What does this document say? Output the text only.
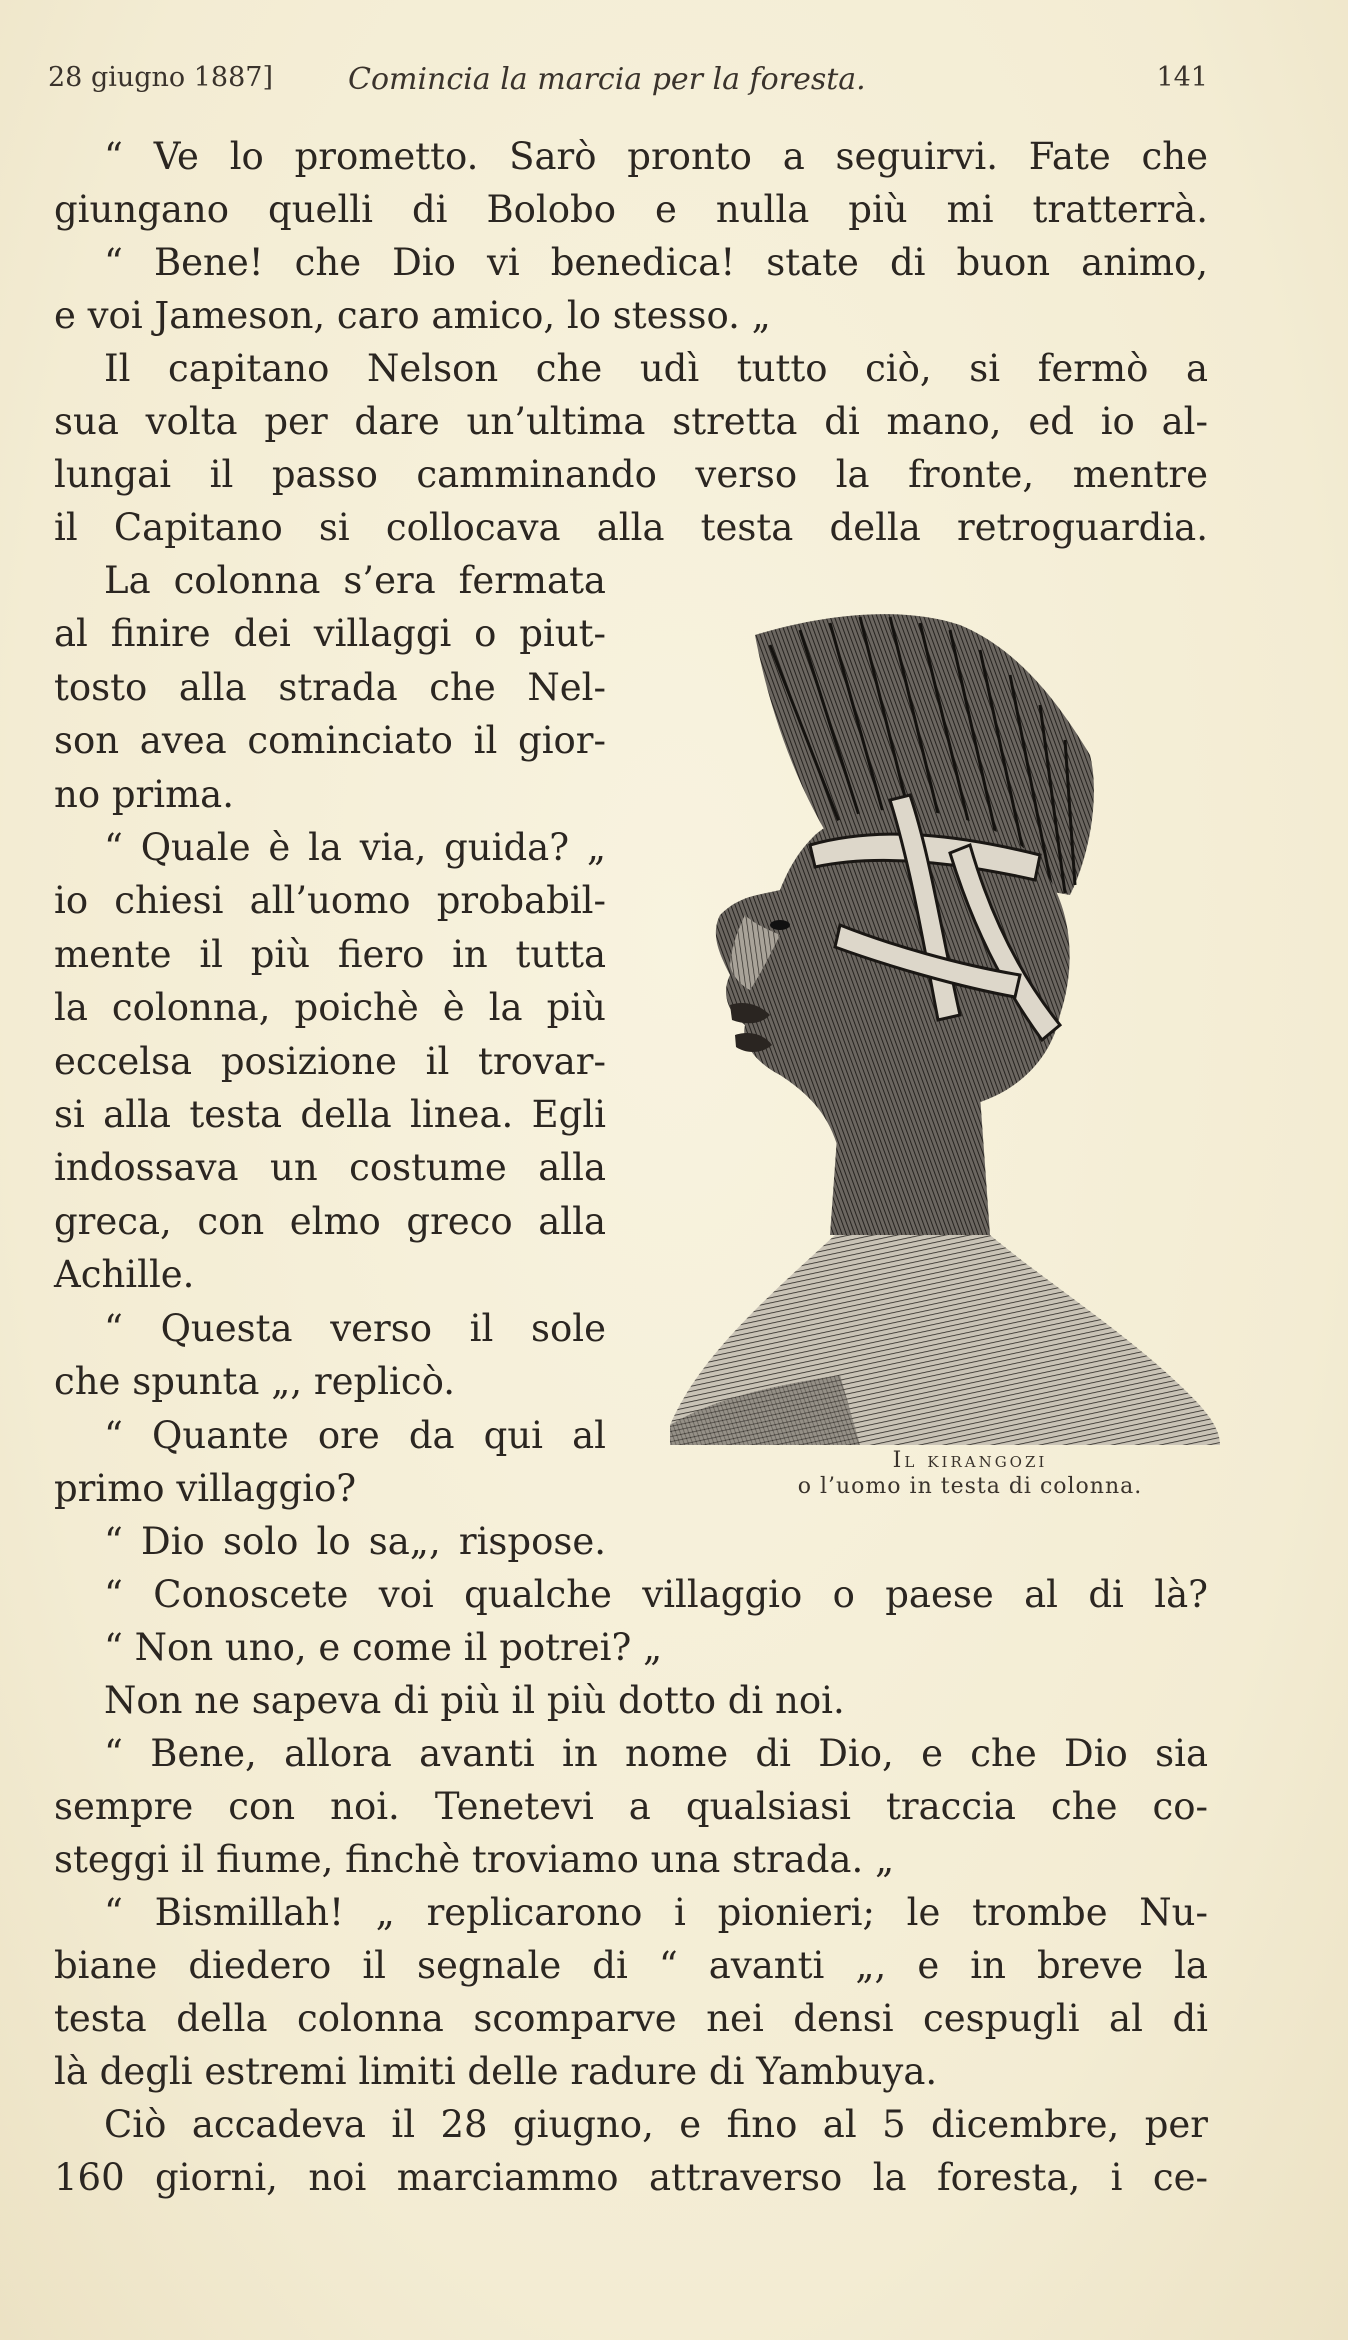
28 giugno 1887] Comincia la marcia per la foresta.	141
“ Ve lo prometto. Sarò pronto a seguirvi. Fate che
giungano quelli di Bolobo e nulla più mi tratterrà.
“ Bene! che Dio vi benedica! state di buon animo,
e voi Jameson, caro amico, lo stesso. „
Il capitano Nelson che udì tutto ciò, si fermò a
sua volta per dare un’ultima stretta di mano, ed io al-
lungai il passo camminando verso la fronte, mentre
il Capitano si collocava alla testa della retroguardia.
La colonna s’era fermata
al finire dei villaggi o piut-
tosto alla strada che Nel-
son avea cominciato il gior-
no prima.
“ Quale è la via, guida? „
io chiesi all’uomo probabil-
mente il più fiero in tutta
la colonna, poichè è la più
eccelsa posizione il trovar-
si alla testa della linea. Egli
indossava un costume alla
greca, con elmo greco alla
Achille.
“ Questa verso il sole
che spunta „, replicò.
“ Quante ore da qui al
primo villaggio?
“ Dio solo lo sa„, rispose.
Il kirangozi
o l’uomo in testa di colonna.
“ Conoscete voi qualche villaggio o paese al di là?
“ Non uno, e come il potrei? „
Non ne sapeva di più il più dotto di noi.
“ Bene, allora avanti in nome di Dio, e che Dio sia
sempre con noi. Tenetevi a qualsiasi traccia che co-
steggi il fiume, finchè troviamo una strada. „
“ Bismillah! „ replicarono i pionieri; le trombe Nu-
biane diedero il segnale di “ avanti „, e in breve la
testa della colonna scomparve nei densi cespugli al di
là degli estremi limiti delle radure di Yambuya.
Ciò accadeva il 28 giugno, e fino al 5 dicembre, per
160 giorni, noi marciammo attraverso la foresta, i ce-
